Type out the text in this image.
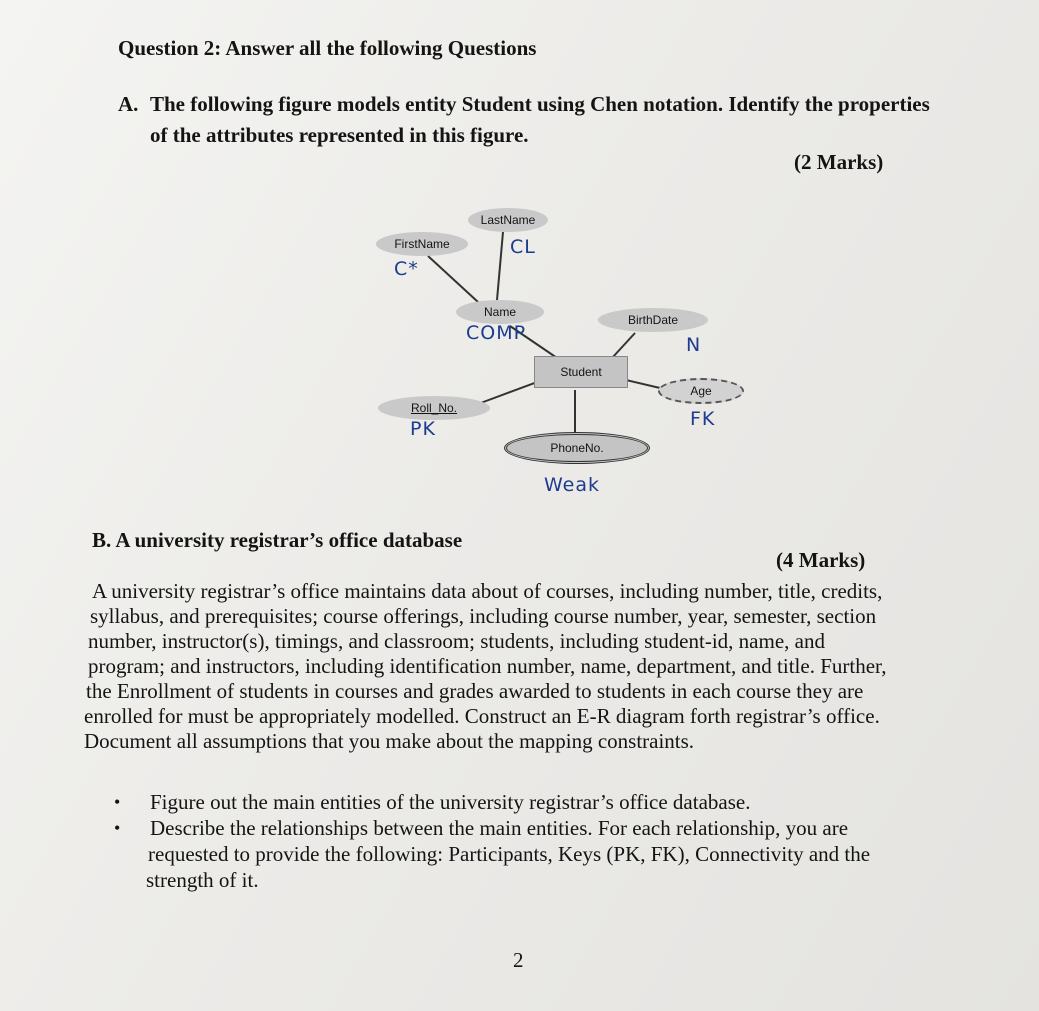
Question 2: Answer all the following Questions
A. The following figure models entity Student using Chen notation. Identify the properties
of the attributes represented in this figure.
(2 Marks)
LastName
FirstName
Name
BirthDate
Student
Age
Roll_No.
PhoneNo.
CL
C*
COMP
N
FK
PK
Weak
B. A university registrar’s office database
(4 Marks)
A university registrar’s office maintains data about of courses, including number, title, credits,
syllabus, and prerequisites; course offerings, including course number, year, semester, section
number, instructor(s), timings, and classroom; students, including student-id, name, and
program; and instructors, including identification number, name, department, and title. Further,
the Enrollment of students in courses and grades awarded to students in each course they are
enrolled for must be appropriately modelled. Construct an E-R diagram forth registrar’s office.
Document all assumptions that you make about the mapping constraints.
• Figure out the main entities of the university registrar’s office database.
• Describe the relationships between the main entities. For each relationship, you are
requested to provide the following: Participants, Keys (PK, FK), Connectivity and the
strength of it.
2
